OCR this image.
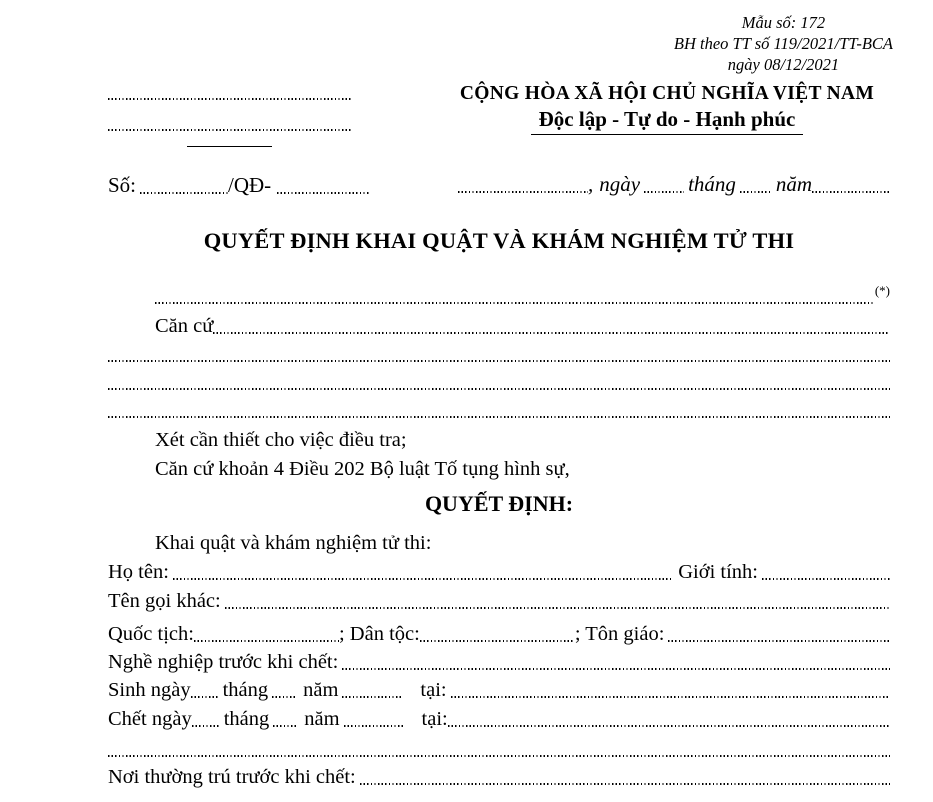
Mẫu số: 172
BH theo TT số 119/2021/TT-BCA
ngày 08/12/2021
CỘNG HÒA XÃ HỘI CHỦ NGHĨA VIỆT NAM
Độc lập - Tự do - Hạnh phúc
Số:	/QĐ-	, ngày tháng năm
QUYẾT ĐỊNH KHAI QUẬT VÀ KHÁM NGHIỆM TỬ THI
(*)
Căn cứ
Xét cần thiết cho việc điều tra;
Căn cứ khoản 4 Điều 202 Bộ luật Tố tụng hình sự,
QUYẾT ĐỊNH:
Khai quật và khám nghiệm tử thi:
Họ tên:	Giới tính:
Tên gọi khác:
Quốc tịch:	; Dân tộc:	; Tôn giáo:
Nghề nghiệp trước khi chết:
Sinh ngày tháng năm	tại:
Chết ngày tháng năm	tại:
Nơi thường trú trước khi chết:
